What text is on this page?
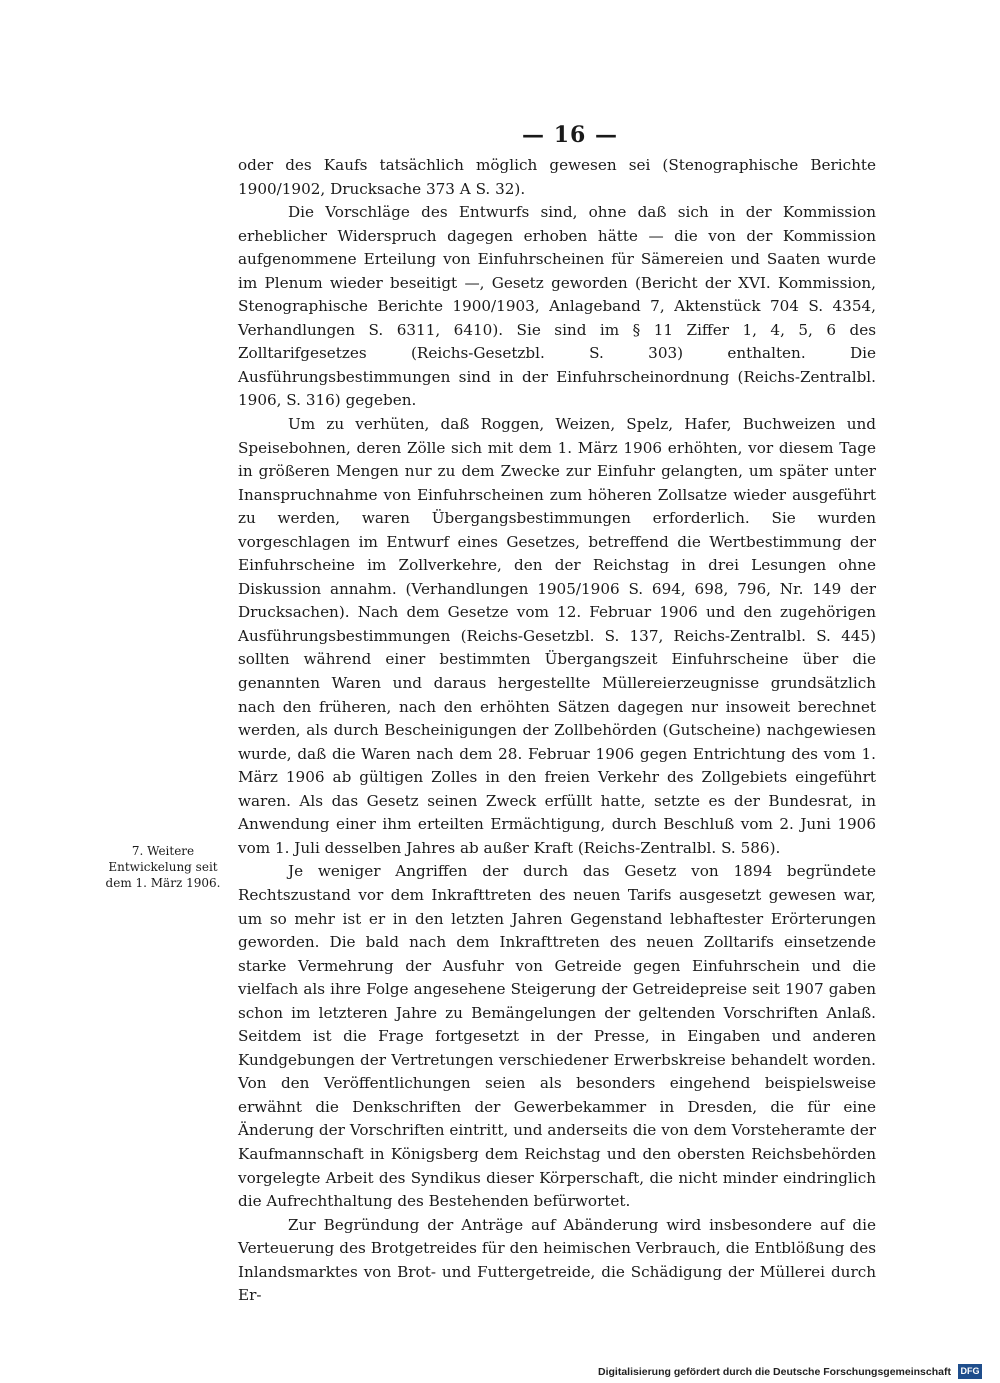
— 16 —

oder des Kaufs tatsächlich möglich gewesen sei (Stenographische Berichte 1900/1902, Drucksache 373 A S. 32).

Die Vorschläge des Entwurfs sind, ohne daß sich in der Kommission erheblicher Widerspruch dagegen erhoben hätte — die von der Kommission aufgenommene Erteilung von Einfuhrscheinen für Sämereien und Saaten wurde im Plenum wieder beseitigt —, Gesetz geworden (Bericht der XVI. Kommission, Stenographische Berichte 1900/1903, Anlageband 7, Aktenstück 704 S. 4354, Verhandlungen S. 6311, 6410). Sie sind im § 11 Ziffer 1, 4, 5, 6 des Zolltarifgesetzes (Reichs-Gesetzbl. S. 303) enthalten. Die Ausführungsbestimmungen sind in der Einfuhrscheinordnung (Reichs-Zentralbl. 1906, S. 316) gegeben.

Um zu verhüten, daß Roggen, Weizen, Spelz, Hafer, Buchweizen und Speisebohnen, deren Zölle sich mit dem 1. März 1906 erhöhten, vor diesem Tage in größeren Mengen nur zu dem Zwecke zur Einfuhr gelangten, um später unter Inanspruchnahme von Einfuhrscheinen zum höheren Zollsatze wieder ausgeführt zu werden, waren Übergangsbestimmungen erforderlich. Sie wurden vorgeschlagen im Entwurf eines Gesetzes, betreffend die Wertbestimmung der Einfuhrscheine im Zollverkehre, den der Reichstag in drei Lesungen ohne Diskussion annahm. (Verhandlungen 1905/1906 S. 694, 698, 796, Nr. 149 der Drucksachen). Nach dem Gesetze vom 12. Februar 1906 und den zugehörigen Ausführungsbestimmungen (Reichs-Gesetzbl. S. 137, Reichs-Zentralbl. S. 445) sollten während einer bestimmten Übergangszeit Einfuhrscheine über die genannten Waren und daraus hergestellte Müllereierzeugnisse grundsätzlich nach den früheren, nach den erhöhten Sätzen dagegen nur insoweit berechnet werden, als durch Bescheinigungen der Zollbehörden (Gutscheine) nachgewiesen wurde, daß die Waren nach dem 28. Februar 1906 gegen Entrichtung des vom 1. März 1906 ab gültigen Zolles in den freien Verkehr des Zollgebiets eingeführt waren. Als das Gesetz seinen Zweck erfüllt hatte, setzte es der Bundesrat, in Anwendung einer ihm erteilten Ermächtigung, durch Beschluß vom 2. Juni 1906 vom 1. Juli desselben Jahres ab außer Kraft (Reichs-Zentralbl. S. 586).

Je weniger Angriffen der durch das Gesetz von 1894 begründete Rechtszustand vor dem Inkrafttreten des neuen Tarifs ausgesetzt gewesen war, um so mehr ist er in den letzten Jahren Gegenstand lebhaftester Erörterungen geworden. Die bald nach dem Inkrafttreten des neuen Zolltarifs einsetzende starke Vermehrung der Ausfuhr von Getreide gegen Einfuhrschein und die vielfach als ihre Folge angesehene Steigerung der Getreidepreise seit 1907 gaben schon im letzteren Jahre zu Bemängelungen der geltenden Vorschriften Anlaß. Seitdem ist die Frage fortgesetzt in der Presse, in Eingaben und anderen Kundgebungen der Vertretungen verschiedener Erwerbskreise behandelt worden. Von den Veröffentlichungen seien als besonders eingehend beispielsweise erwähnt die Denkschriften der Gewerbekammer in Dresden, die für eine Änderung der Vorschriften eintritt, und anderseits die von dem Vorsteheramte der Kaufmannschaft in Königsberg dem Reichstag und den obersten Reichsbehörden vorgelegte Arbeit des Syndikus dieser Körperschaft, die nicht minder eindringlich die Aufrechthaltung des Bestehenden befürwortet.

Zur Begründung der Anträge auf Abänderung wird insbesondere auf die Verteuerung des Brotgetreides für den heimischen Verbrauch, die Entblößung des Inlandsmarktes von Brot- und Futtergetreide, die Schädigung der Müllerei durch Er-

7. Weitere Entwickelung seit dem 1. März 1906.
Digitalisierung gefördert durch die Deutsche Forschungsgemeinschaft DFG
